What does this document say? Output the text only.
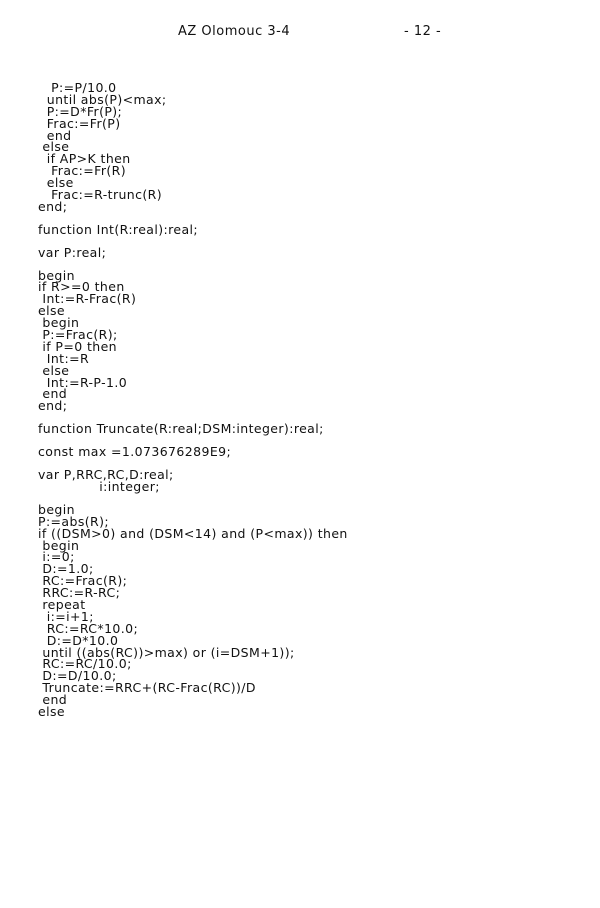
AZ Olomouc 3-4	- 12 -
P:=P/10.0
until abs(P)<max;
P:=D*Fr(P);
Frac:=Fr(P)
end
else
if AP>K then
Frac:=Fr(R)
else
Frac:=R-trunc(R)
end;
function Int(R:real):real;
var P:real;
begin
if R>=0 then
Int:=R-Frac(R)
else
begin
P:=Frac(R);
if P=0 then
Int:=R
else
Int:=R-P-1.0
end
end;
function Truncate(R:real;DSM:integer):real;
const max =1.073676289E9;
var P,RRC,RC,D:real;
i:integer;
begin
P:=abs(R);
if ((DSM>0) and (DSM<14) and (P<max)) then
begin
i:=0;
D:=1.0;
RC:=Frac(R);
RRC:=R-RC;
repeat
i:=i+1;
RC:=RC*10.0;
D:=D*10.0
until ((abs(RC))>max) or (i=DSM+1));
RC:=RC/10.0;
D:=D/10.0;
Truncate:=RRC+(RC-Frac(RC))/D
end
else
